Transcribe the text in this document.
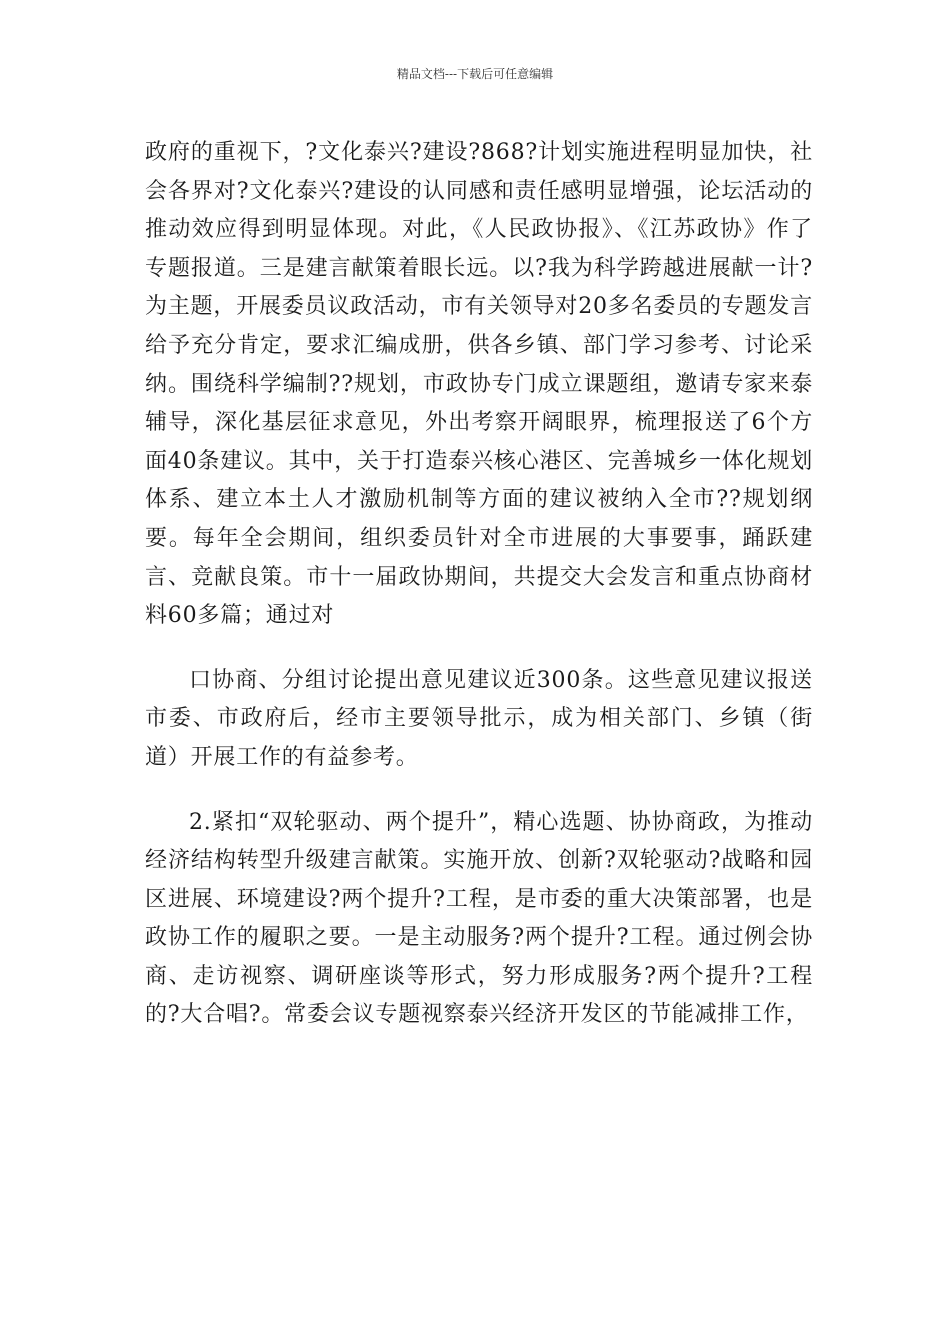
精品文档---下载后可任意编辑

政府的重视下，?文化泰兴?建设?868?计划实施进程明显加快，社会各界对?文化泰兴?建设的认同感和责任感明显增强，论坛活动的推动效应得到明显体现。对此，《人民政协报》、《江苏政协》作了专题报道。三是建言献策着眼长远。以?我为科学跨越进展献一计?为主题，开展委员议政活动，市有关领导对20多名委员的专题发言给予充分肯定，要求汇编成册，供各乡镇、部门学习参考、讨论采纳。围绕科学编制??规划，市政协专门成立课题组，邀请专家来泰辅导，深化基层征求意见，外出考察开阔眼界，梳理报送了6个方面40条建议。其中，关于打造泰兴核心港区、完善城乡一体化规划体系、建立本土人才激励机制等方面的建议被纳入全市??规划纲要。每年全会期间，组织委员针对全市进展的大事要事，踊跃建言、竞献良策。市十一届政协期间，共提交大会发言和重点协商材料60多篇；通过对

口协商、分组讨论提出意见建议近300条。这些意见建议报送市委、市政府后，经市主要领导批示，成为相关部门、乡镇（街道）开展工作的有益参考。

2.紧扣“双轮驱动、两个提升”，精心选题、协协商政，为推动经济结构转型升级建言献策。实施开放、创新?双轮驱动?战略和园区进展、环境建设?两个提升?工程，是市委的重大决策部署，也是政协工作的履职之要。一是主动服务?两个提升?工程。通过例会协商、走访视察、调研座谈等形式，努力形成服务?两个提升?工程的?大合唱?。常委会议专题视察泰兴经济开发区的节能减排工作，
